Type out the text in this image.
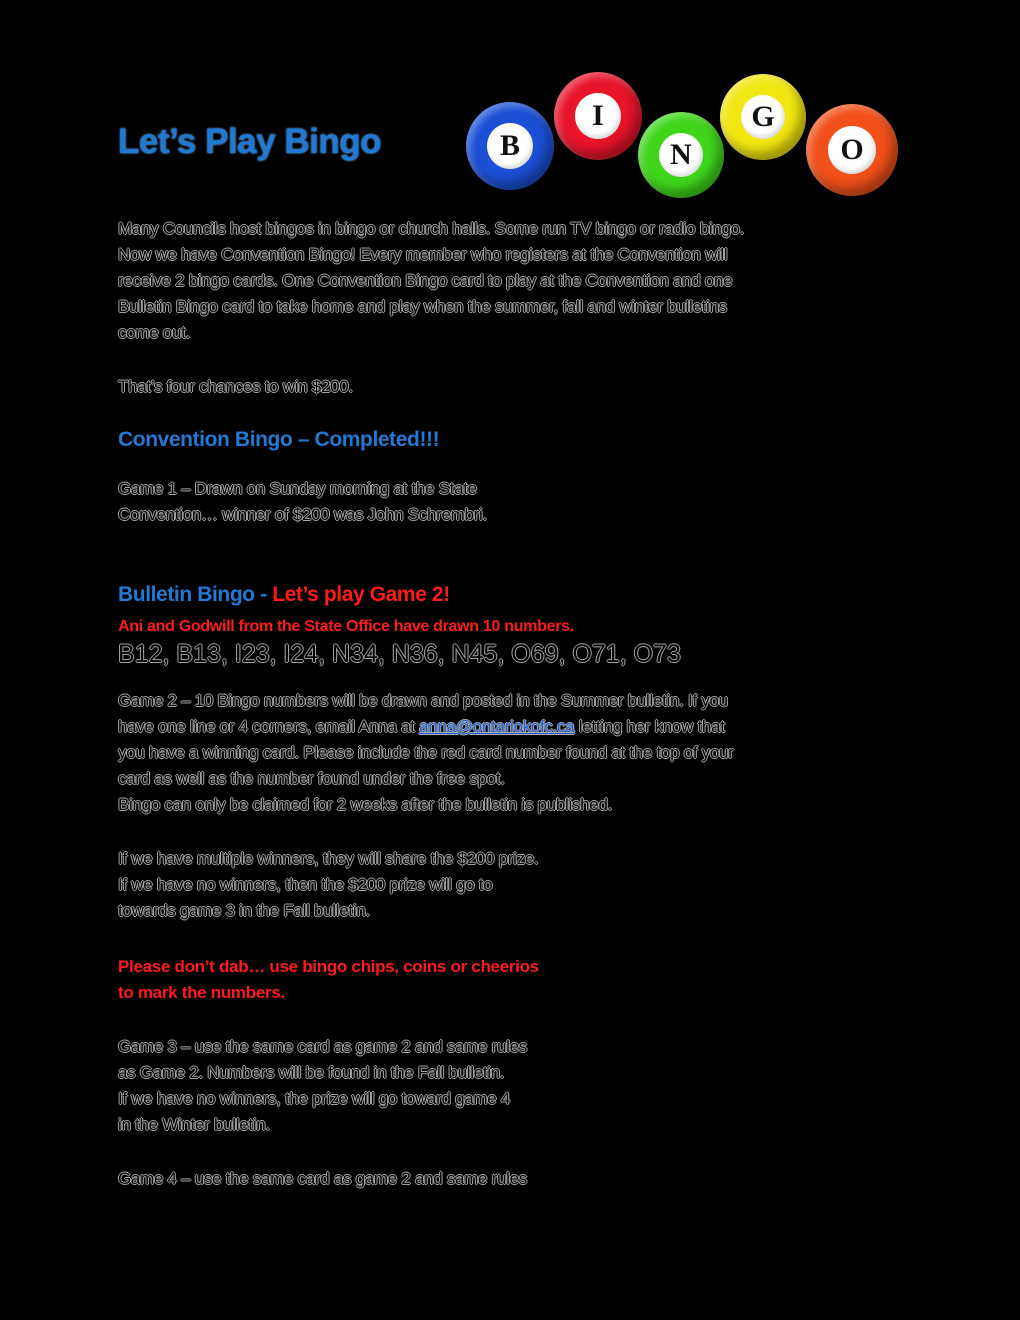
Let’s Play Bingo	B
I
N
G
O
Many Councils host bingos in bingo or church halls. Some run TV bingo or radio bingo.
Now we have Convention Bingo! Every member who registers at the Convention will
receive 2 bingo cards. One Convention Bingo card to play at the Convention and one
Bulletin Bingo card to take home and play when the summer, fall and winter bulletins
come out.
That’s four chances to win $200.
Convention Bingo – Completed!!!
Game 1 – Drawn on Sunday morning at the State
Convention… winner of $200 was John Schrembri.
Bulletin Bingo - Let’s play Game 2!
Ani and Godwill from the State Office have drawn 10 numbers.
B12, B13, I23, I24, N34, N36, N45, O69, O71, O73
Game 2 – 10 Bingo numbers will be drawn and posted in the Summer bulletin. If you
have one line or 4 corners, email Anna at anna@ontariokofc.ca letting her know that
you have a winning card. Please include the red card number found at the top of your
card as well as the number found under the free spot.
Bingo can only be claimed for 2 weeks after the bulletin is published.
If we have multiple winners, they will share the $200 prize.
If we have no winners, then the $200 prize will go to
towards game 3 in the Fall bulletin.
Please don’t dab… use bingo chips, coins or cheerios
to mark the numbers.
Game 3 – use the same card as game 2 and same rules
as Game 2. Numbers will be found in the Fall bulletin.
If we have no winners, the prize will go toward game 4
in the Winter bulletin.
Game 4 – use the same card as game 2 and same rules
